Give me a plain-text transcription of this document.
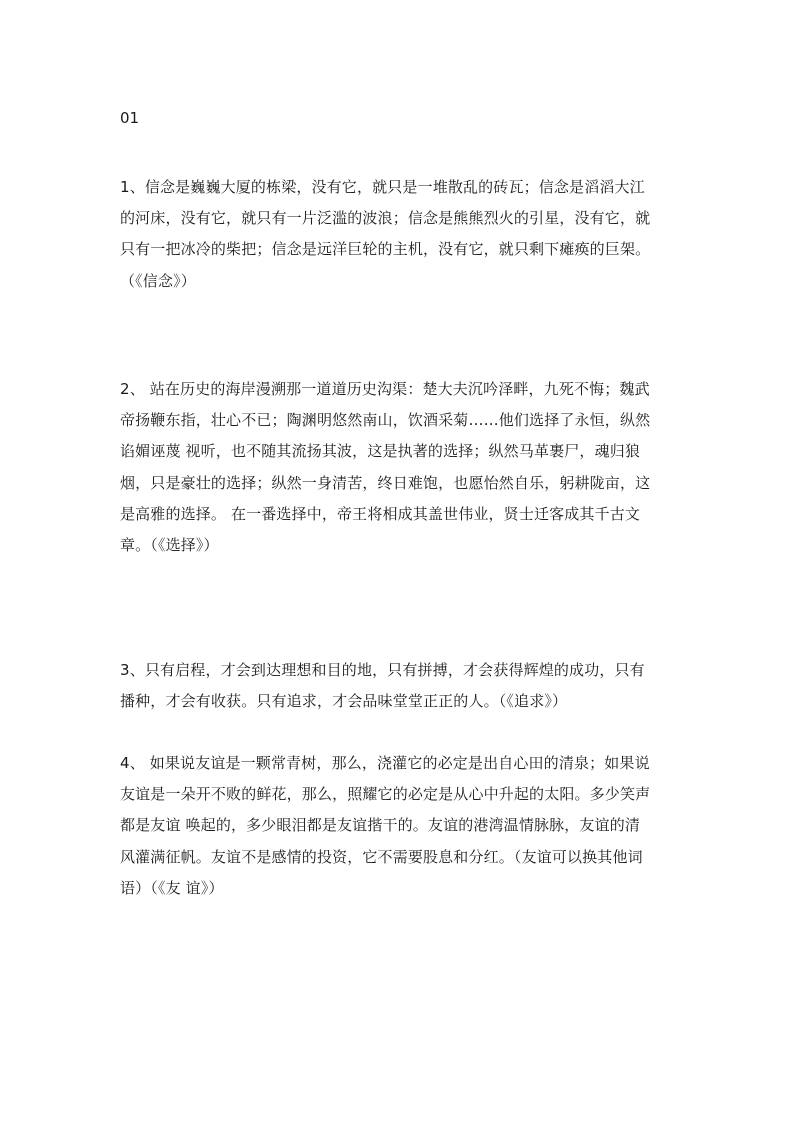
01

1、信念是巍巍大厦的栋梁，没有它，就只是一堆散乱的砖瓦；信念是滔滔大江
的河床，没有它，就只有一片泛滥的波浪；信念是熊熊烈火的引星，没有它，就
只有一把冰冷的柴把；信念是远洋巨轮的主机，没有它，就只剩下瘫痪的巨架。
（《信念》）

2、 站在历史的海岸漫溯那一道道历史沟渠：楚大夫沉吟泽畔，九死不悔；魏武
帝扬鞭东指，壮心不已；陶渊明悠然南山，饮酒采菊……他们选择了永恒，纵然
谄媚诬蔑 视听，也不随其流扬其波，这是执著的选择；纵然马革裹尸，魂归狼
烟，只是豪壮的选择；纵然一身清苦，终日难饱，也愿怡然自乐，躬耕陇亩，这
是高雅的选择。 在一番选择中，帝王将相成其盖世伟业，贤士迁客成其千古文
章。（《选择》）

3、只有启程，才会到达理想和目的地，只有拼搏，才会获得辉煌的成功，只有
播种，才会有收获。只有追求，才会品味堂堂正正的人。（《追求》）

4、 如果说友谊是一颗常青树，那么，浇灌它的必定是出自心田的清泉；如果说
友谊是一朵开不败的鲜花，那么，照耀它的必定是从心中升起的太阳。多少笑声
都是友谊 唤起的，多少眼泪都是友谊揩干的。友谊的港湾温情脉脉，友谊的清
风灌满征帆。友谊不是感情的投资，它不需要股息和分红。（友谊可以换其他词
语）（《友 谊》）
